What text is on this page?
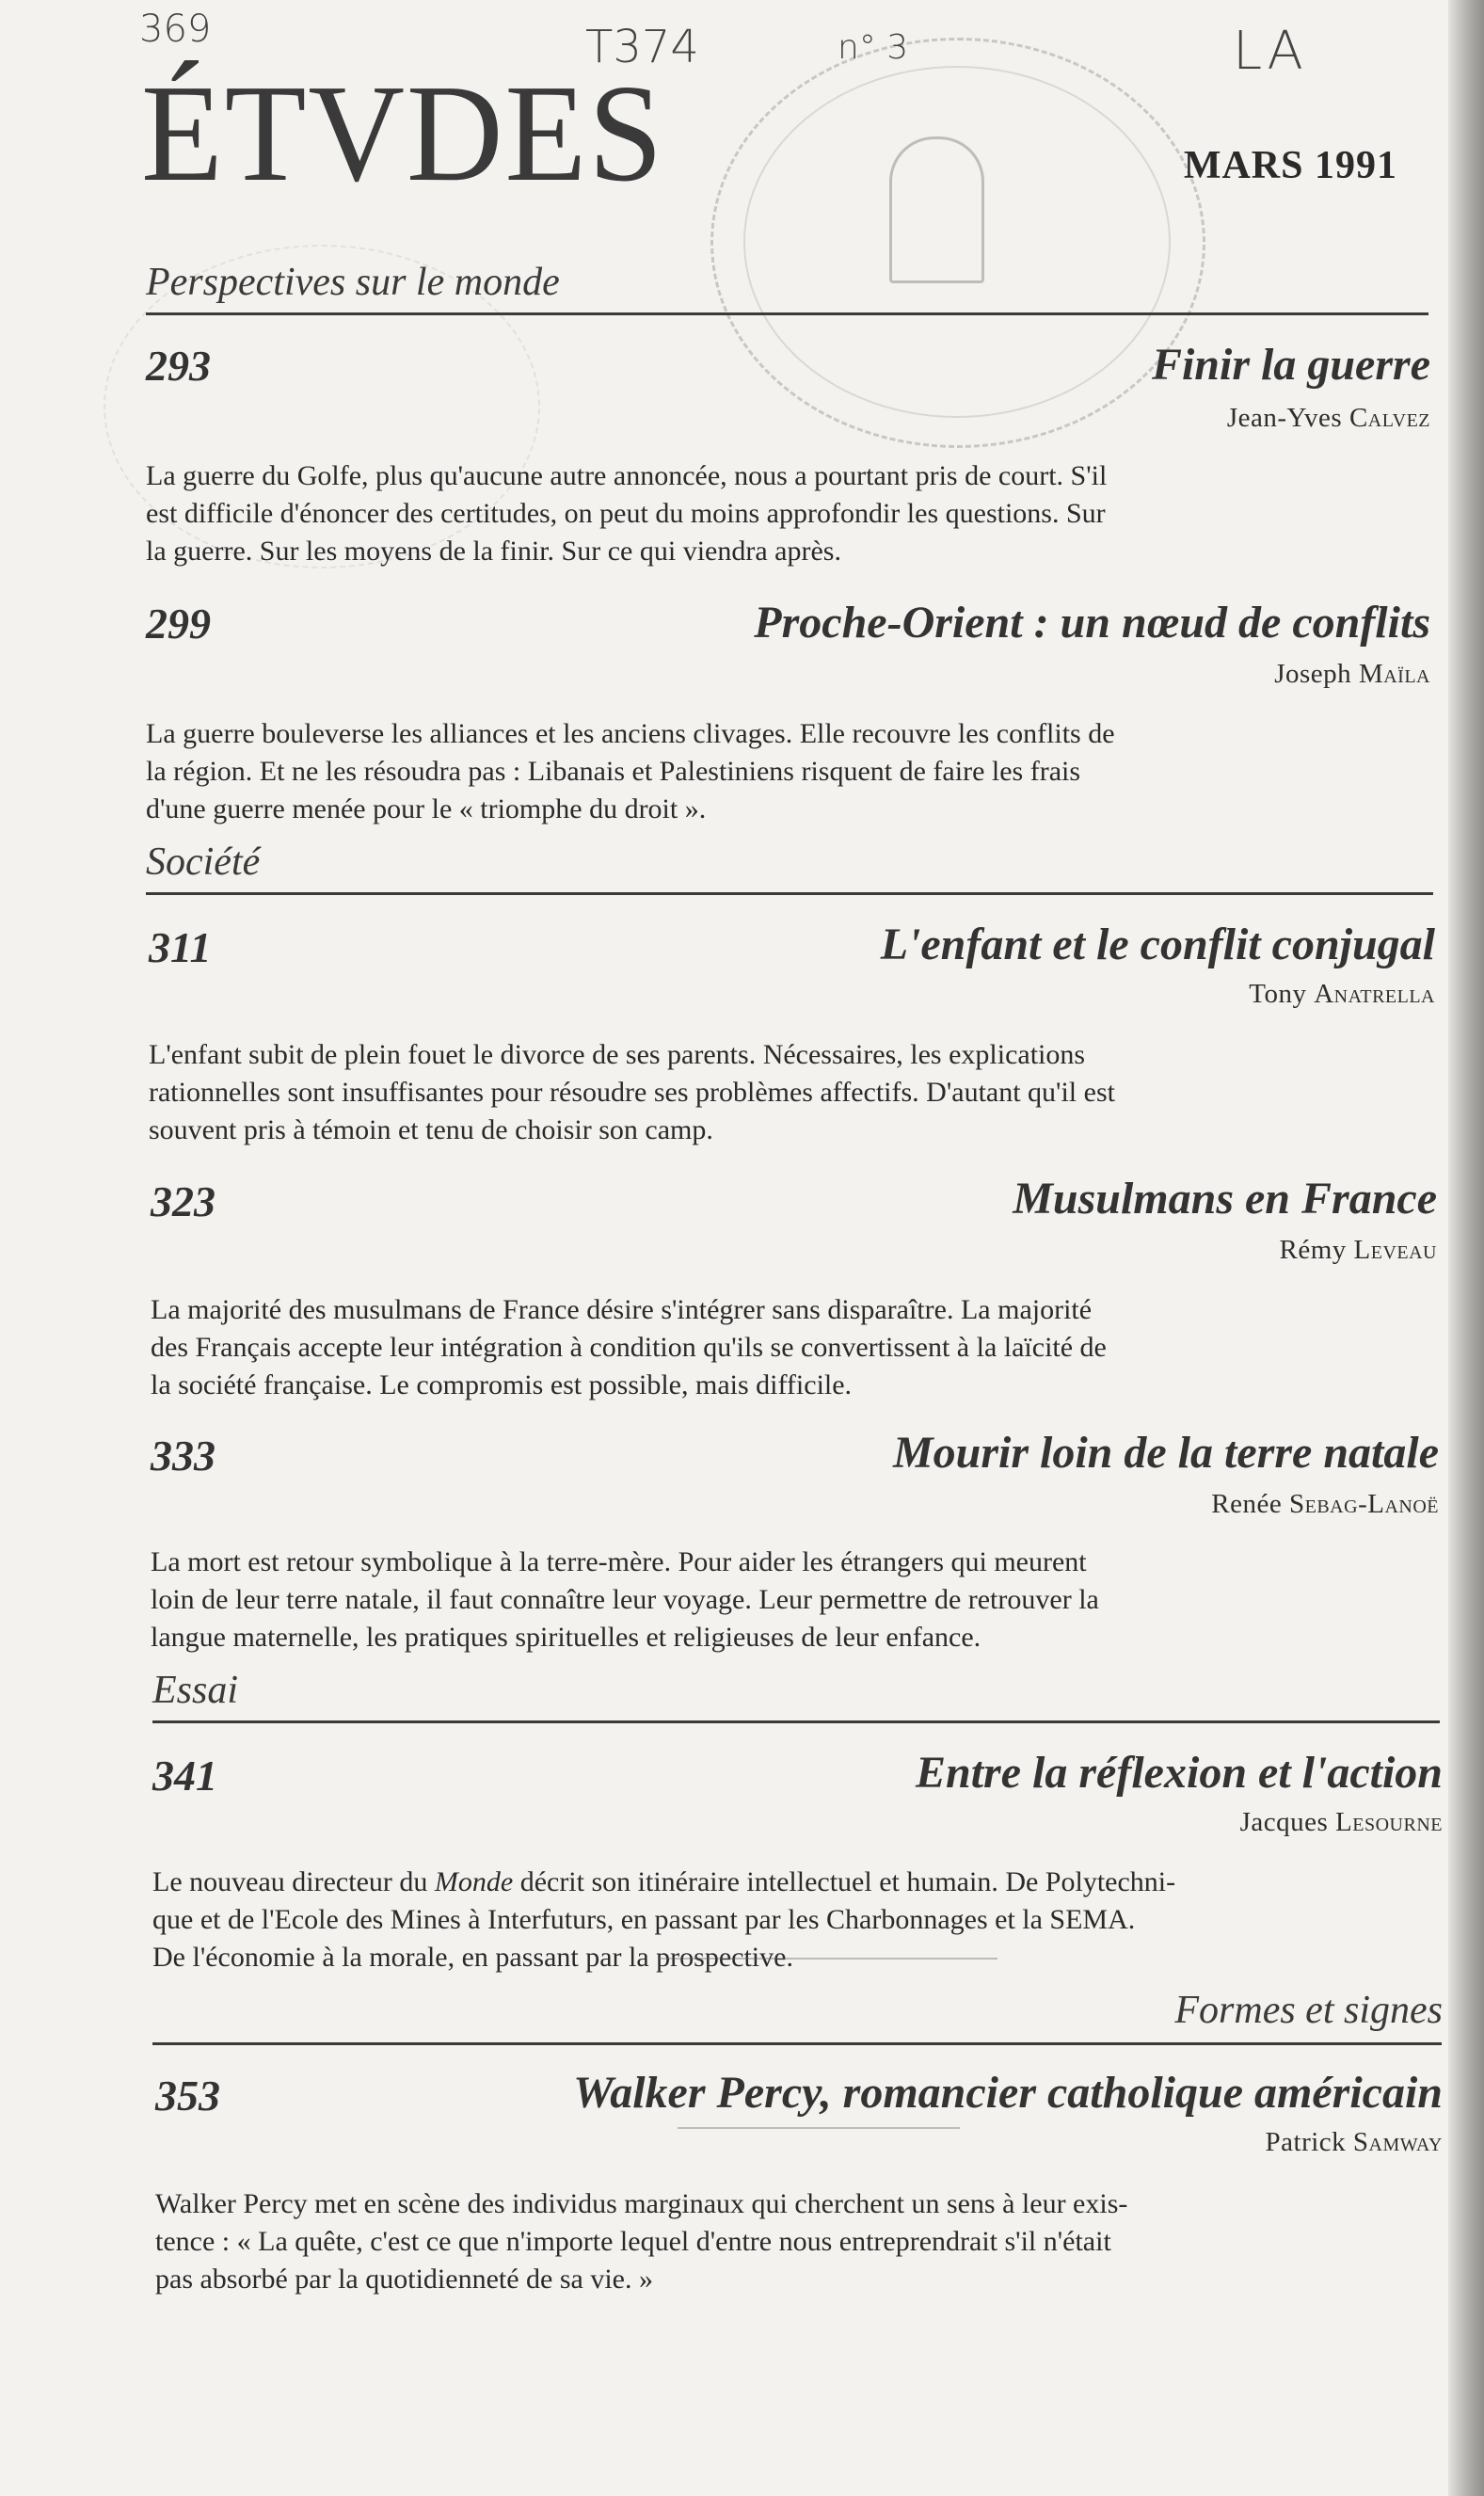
369	T374	n° 3	LA
ÉTVDES	MARS 1991
Perspectives sur le monde
293	Finir la guerre
Jean-Yves Calvez
La guerre du Golfe, plus qu'aucune autre annoncée, nous a pourtant pris de court. S'il
est difficile d'énoncer des certitudes, on peut du moins approfondir les questions. Sur
la guerre. Sur les moyens de la finir. Sur ce qui viendra après.
299	Proche-Orient : un nœud de conflits
Joseph Maïla
La guerre bouleverse les alliances et les anciens clivages. Elle recouvre les conflits de
la région. Et ne les résoudra pas : Libanais et Palestiniens risquent de faire les frais
d'une guerre menée pour le « triomphe du droit ».
Société
311	L'enfant et le conflit conjugal
Tony Anatrella
L'enfant subit de plein fouet le divorce de ses parents. Nécessaires, les explications
rationnelles sont insuffisantes pour résoudre ses problèmes affectifs. D'autant qu'il est
souvent pris à témoin et tenu de choisir son camp.
323	Musulmans en France
Rémy Leveau
La majorité des musulmans de France désire s'intégrer sans disparaître. La majorité
des Français accepte leur intégration à condition qu'ils se convertissent à la laïcité de
la société française. Le compromis est possible, mais difficile.
333	Mourir loin de la terre natale
Renée Sebag-Lanoë
La mort est retour symbolique à la terre-mère. Pour aider les étrangers qui meurent
loin de leur terre natale, il faut connaître leur voyage. Leur permettre de retrouver la
langue maternelle, les pratiques spirituelles et religieuses de leur enfance.
Essai
341	Entre la réflexion et l'action
Jacques Lesourne
Le nouveau directeur du Monde décrit son itinéraire intellectuel et humain. De Polytechni-
que et de l'Ecole des Mines à Interfuturs, en passant par les Charbonnages et la SEMA.
De l'économie à la morale, en passant par la prospective.
Formes et signes
353	Walker Percy, romancier catholique américain
Patrick Samway
Walker Percy met en scène des individus marginaux qui cherchent un sens à leur exis-
tence : « La quête, c'est ce que n'importe lequel d'entre nous entreprendrait s'il n'était
pas absorbé par la quotidienneté de sa vie. »
